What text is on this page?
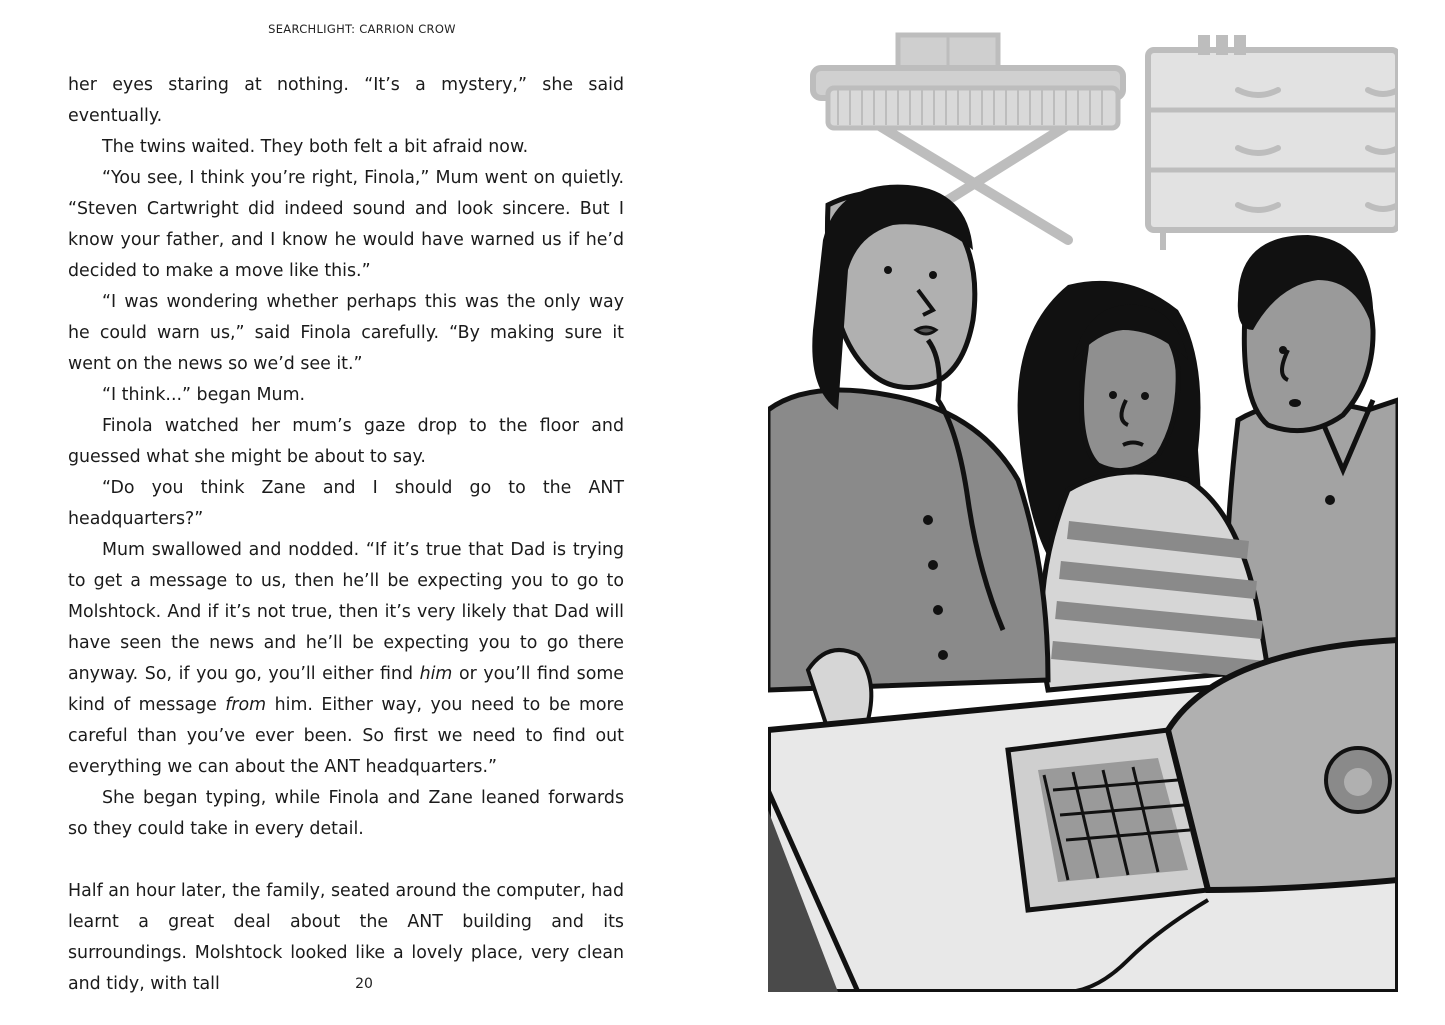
SEARCHLIGHT: CARRION CROW

her eyes staring at nothing. “It’s a mystery,” she said eventually.

The twins waited. They both felt a bit afraid now.

“You see, I think you’re right, Finola,” Mum went on quietly. “Steven Cartwright did indeed sound and look sincere. But I know your father, and I know he would have warned us if he’d decided to make a move like this.”

“I was wondering whether perhaps this was the only way he could warn us,” said Finola carefully. “By making sure it went on the news so we’d see it.”

“I think...” began Mum.

Finola watched her mum’s gaze drop to the floor and guessed what she might be about to say.

“Do you think Zane and I should go to the ANT headquarters?”

Mum swallowed and nodded. “If it’s true that Dad is trying to get a message to us, then he’ll be expecting you to go to Molshtock. And if it’s not true, then it’s very likely that Dad will have seen the news and he’ll be expecting you to go there anyway. So, if you go, you’ll either find him or you’ll find some kind of message from him. Either way, you need to be more careful than you’ve ever been. So first we need to find out everything we can about the ANT headquarters.”

She began typing, while Finola and Zane leaned forwards so they could take in every detail.

Half an hour later, the family, seated around the computer, had learnt a great deal about the ANT building and its surroundings. Molshtock looked like a lovely place, very clean and tidy, with tall	20
